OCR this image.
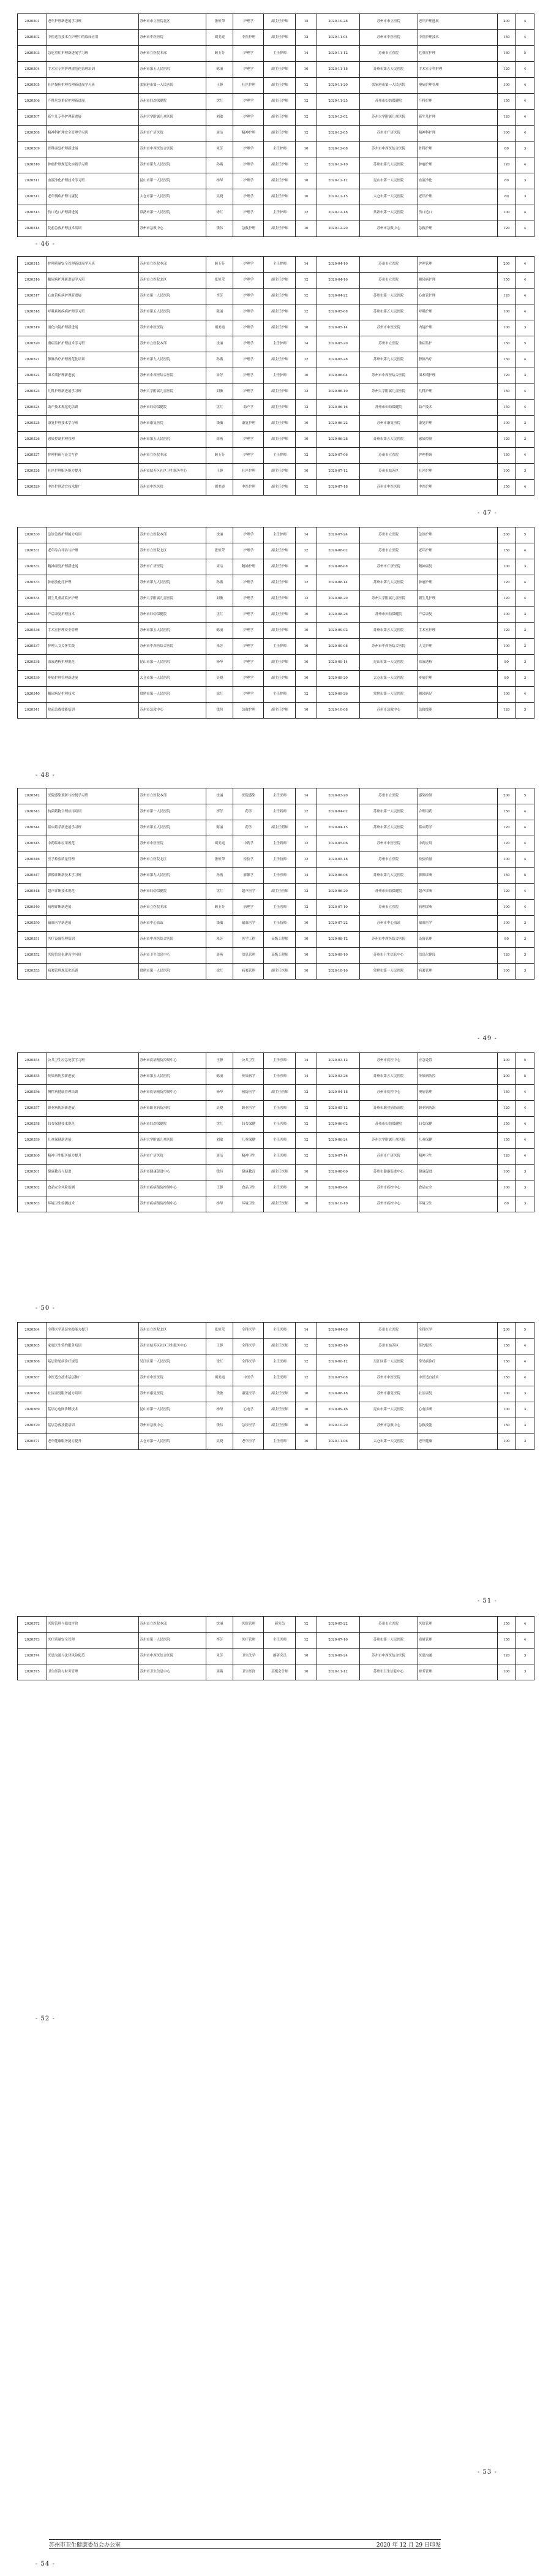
2020501	老年护理新进展学习班	苏州市市立医院北区	张恒荣	护理学	副主任护师	15	2020-10-28	苏州市市立医院	老年护理进展	200	4
2020502	中医适宜技术在护理中的临床应用	苏州市中医医院	胡美霞	中医护理	副主任护师	12	2020-11-04	苏州市中医医院	中医护理技术	150	4
2020503	急危重症护理新进展学习班	苏州市立医院本部	顾玉芬	护理学	主任护师	14	2020-11-12	苏州市立医院	危重症护理	180	5
2020504	手术室专科护理规范化管理培训	苏州市第五人民医院	陈丽	护理学	副主任护师	10	2020-11-18	苏州市第五人民医院	手术室专科护理	120	4
2020505	社区慢病护理管理新进展学习班	张家港市第一人民医院	王静	社区护理	副主任护师	12	2020-11-20	张家港市第一人民医院	慢病护理管理	100	4
2020506	产科危急重症护理新进展	苏州市妇幼保健院	沈红	护理学	副主任护师	12	2020-11-25	苏州市妇幼保健院	产科护理	150	4
2020507	新生儿专科护理新进展	苏州大学附属儿童医院	刘敏	护理学	副主任护师	12	2020-12-02	苏州大学附属儿童医院	新生儿护理	120	4
2020508	精神科护理安全管理学习班	苏州市广济医院	周洁	精神护理	副主任护师	12	2020-12-05	苏州市广济医院	精神科护理	100	4
2020509	骨科康复护理新进展	苏州市中西医结合医院	朱芳	护理学	主任护师	10	2020-12-08	苏州市中西医结合医院	骨科护理	80	3
2020510	肿瘤护理规范化实践学习班	苏州市第九人民医院	孙燕	护理学	副主任护师	12	2020-12-10	苏州市第九人民医院	肿瘤护理	120	4
2020511	血液净化护理技术学习班	昆山市第一人民医院	杨华	护理学	副主任护师	10	2020-12-12	昆山市第一人民医院	血液净化	80	3
2020512	老年慢病护理与康复	太仓市第一人民医院	吴晓	护理学	副主任护师	10	2020-12-15	太仓市第一人民医院	老年护理	80	3
2020513	伤口造口护理新进展	常熟市第一人民医院	徐红	护理学	主任护师	12	2020-12-18	常熟市第一人民医院	伤口造口	100	4
2020514	院前急救护理技术培训	苏州市急救中心	钱伟	急救护理	副主任护师	10	2020-12-20	苏州市急救中心	急救护理	120	4
- 46 -
2020515	护理质量安全管理新进展学习班	苏州市立医院本部	顾玉芬	护理学	主任护师	14	2020-04-10	苏州市立医院	护理管理	200	4
2020516	糖尿病护理新进展学习班	苏州市立医院北区	张恒荣	护理学	副主任护师	12	2020-04-16	苏州市立医院	糖尿病护理	150	4
2020517	心血管疾病护理新进展	苏州市第一人民医院	李芳	护理学	副主任护师	12	2020-04-22	苏州市第一人民医院	心血管护理	120	4
2020518	呼吸系统疾病护理学习班	苏州市第五人民医院	陈丽	护理学	副主任护师	12	2020-05-08	苏州市第五人民医院	呼吸护理	100	4
2020519	消化内镜护理新进展	苏州市中医医院	胡美霞	护理学	副主任护师	10	2020-05-14	苏州市中医医院	内镜护理	100	3
2020520	重症监护护理技术学习班	苏州市立医院本部	沈丽	护理学	主任护师	14	2020-05-20	苏州市立医院	重症监护	150	5
2020521	静脉治疗护理规范化培训	苏州市第九人民医院	孙燕	护理学	副主任护师	12	2020-05-28	苏州市第九人民医院	静脉治疗	150	4
2020522	围术期护理新进展	苏州市中西医结合医院	朱芳	护理学	主任护师	10	2020-06-04	苏州市中西医结合医院	围术期护理	120	3
2020523	儿科护理新进展学习班	苏州大学附属儿童医院	刘敏	护理学	副主任护师	12	2020-06-10	苏州大学附属儿童医院	儿科护理	150	4
2020524	助产技术规范化培训	苏州市妇幼保健院	沈红	助产学	副主任护师	12	2020-06-16	苏州市妇幼保健院	助产技术	150	4
2020525	康复护理技术学习班	苏州市康复医院	钱敏	康复护理	副主任护师	10	2020-06-22	苏州市康复医院	康复护理	100	3
2020526	感染控制护理管理	苏州市第五人民医院	周燕	护理学	副主任护师	10	2020-06-28	苏州市第五人民医院	感染控制	120	3
2020527	护理科研与论文写作	苏州市立医院本部	顾玉芬	护理学	主任护师	12	2020-07-06	苏州市立医院	护理科研	150	4
2020528	社区护理服务能力提升	苏州市姑苏区社区卫生服务中心	王静	社区护理	副主任护师	10	2020-07-12	苏州市姑苏区	社区护理	100	3
2020529	中医护理适宜技术推广	苏州市中医医院	胡美霞	中医护理	副主任护师	12	2020-07-18	苏州市中医医院	中医护理	150	4
- 47 -
2020530	急诊急救护理能力培训	苏州市立医院本部	沈丽	护理学	主任护师	14	2020-07-24	苏州市立医院	急诊护理	200	5
2020531	老年综合评估与护理	苏州市立医院北区	张恒荣	护理学	副主任护师	12	2020-08-02	苏州市立医院	老年护理	150	4
2020532	精神康复护理新进展	苏州市广济医院	周洁	精神护理	副主任护师	10	2020-08-08	苏州市广济医院	精神康复	100	3
2020533	肿瘤放化疗护理	苏州市第九人民医院	孙燕	护理学	副主任护师	12	2020-08-14	苏州市第九人民医院	肿瘤护理	120	4
2020534	新生儿重症监护护理	苏州大学附属儿童医院	刘敏	护理学	副主任护师	12	2020-08-20	苏州大学附属儿童医院	新生儿护理	120	4
2020535	产后康复护理技术	苏州市妇幼保健院	沈红	护理学	副主任护师	10	2020-08-26	苏州市妇幼保健院	产后康复	100	3
2020536	手术室护理安全管理	苏州市第五人民医院	陈丽	护理学	副主任护师	10	2020-09-02	苏州市第五人民医院	手术室护理	120	3
2020537	护理人文关怀实践	苏州市中西医结合医院	朱芳	护理学	主任护师	10	2020-09-08	苏州市中西医结合医院	人文护理	100	3
2020538	血液透析护理规范	昆山市第一人民医院	杨华	护理学	副主任护师	10	2020-09-14	昆山市第一人民医院	血液透析	80	3
2020539	疼痛护理管理新进展	太仓市第一人民医院	吴晓	护理学	副主任护师	10	2020-09-20	太仓市第一人民医院	疼痛护理	80	3
2020540	糖尿病足护理技术	常熟市第一人民医院	徐红	护理学	主任护师	12	2020-09-26	常熟市第一人民医院	糖尿病足	100	4
2020541	院前急救技能培训	苏州市急救中心	钱伟	急救护理	副主任护师	10	2020-10-08	苏州市急救中心	急救技能	120	3
- 48 -
2020542	医院感染预防与控制学习班	苏州市立医院本部	沈丽	医院感染	主任医师	14	2020-03-20	苏州市立医院	感染控制	200	5
2020543	抗菌药物合理应用培训	苏州市第一人民医院	李芳	药学	主任药师	12	2020-04-02	苏州市第一人民医院	合理用药	150	4
2020544	临床药学新进展学习班	苏州市第五人民医院	陈丽	药学	副主任药师	12	2020-04-15	苏州市第五人民医院	临床药学	120	4
2020545	中药临床应用规范	苏州市中医医院	胡美霞	中药学	主任药师	12	2020-05-06	苏州市中医医院	中药应用	120	4
2020546	医学检验质量管理	苏州市立医院北区	张恒荣	检验学	主任技师	12	2020-05-18	苏州市立医院	检验质量	100	4
2020547	影像诊断新技术学习班	苏州市第九人民医院	孙燕	影像学	主任医师	14	2020-06-06	苏州市第九人民医院	影像诊断	150	5
2020548	超声诊断技术规范	苏州市妇幼保健院	沈红	超声医学	副主任医师	12	2020-06-20	苏州市妇幼保健院	超声诊断	120	4
2020549	病理诊断新进展	苏州市立医院本部	顾玉芬	病理学	主任医师	12	2020-07-10	苏州市立医院	病理诊断	100	4
2020550	输血医学新进展	苏州市中心血站	钱敏	输血医学	主任技师	10	2020-07-22	苏州市中心血站	输血医学	100	3
2020551	医疗设备管理培训	苏州市中西医结合医院	朱芳	医学工程	高级工程师	10	2020-08-12	苏州市中西医结合医院	设备管理	80	3
2020552	医院信息化建设学习班	苏州市卫生信息中心	周燕	信息管理	高级工程师	10	2020-09-10	苏州市卫生信息中心	信息化建设	120	3
2020553	病案管理规范化培训	常熟市第一人民医院	徐红	病案管理	副主任医师	10	2020-10-16	常熟市第一人民医院	病案管理	100	3
- 49 -
2020554	公共卫生应急处置学习班	苏州市疾病预防控制中心	王静	公共卫生	主任医师	14	2020-03-12	苏州市疾控中心	应急处置	200	5
2020555	传染病防控新进展	苏州市第五人民医院	陈丽	传染病学	主任医师	14	2020-03-26	苏州市第五人民医院	传染病防控	200	5
2020556	慢性病健康管理培训	苏州市疾病预防控制中心	杨华	预防医学	副主任医师	12	2020-04-18	苏州市疾控中心	慢病管理	150	4
2020557	职业病防治新进展	苏州市职业病防治院	吴晓	职业医学	主任医师	12	2020-05-12	苏州市职业病防治院	职业病防治	120	4
2020558	妇女保健技术规范	苏州市妇幼保健院	沈红	妇女保健	主任医师	12	2020-06-02	苏州市妇幼保健院	妇女保健	150	4
2020559	儿童保健新进展	苏州大学附属儿童医院	刘敏	儿童保健	主任医师	12	2020-06-24	苏州大学附属儿童医院	儿童保健	150	4
2020560	精神卫生服务能力提升	苏州市广济医院	周洁	精神卫生	主任医师	12	2020-07-14	苏州市广济医院	精神卫生	120	4
2020561	健康教育与促进	苏州市健康促进中心	钱伟	健康教育	副主任医师	10	2020-08-06	苏州市健康促进中心	健康促进	100	3
2020562	食品安全风险监测	苏州市疾病预防控制中心	王静	食品卫生	主任医师	10	2020-09-04	苏州市疾控中心	食品安全	100	3
2020563	环境卫生监测技术	苏州市疾病预防控制中心	杨华	环境卫生	副主任医师	10	2020-10-10	苏州市疾控中心	环境卫生	80	3
- 50 -
2020564	全科医学基层实践能力提升	苏州市立医院北区	张恒荣	全科医学	主任医师	14	2020-04-08	苏州市立医院	全科医学	200	5
2020565	家庭医生签约服务培训	苏州市姑苏区社区卫生服务中心	王静	全科医学	副主任医师	12	2020-05-16	苏州市姑苏区	签约服务	150	4
2020566	基层常见病诊疗规范	吴江区第一人民医院	徐红	全科医学	主任医师	12	2020-06-12	吴江区第一人民医院	常见病诊疗	150	4
2020567	中医适宜技术基层推广	苏州市中医医院	胡美霞	中医学	主任医师	12	2020-07-08	苏州市中医医院	中医适宜技术	150	4
2020568	社区康复服务能力培训	苏州市康复医院	钱敏	康复医学	副主任医师	10	2020-08-18	苏州市康复医院	社区康复	100	3
2020569	基层心电图诊断技术	昆山市第一人民医院	杨华	心电学	副主任医师	10	2020-09-16	昆山市第一人民医院	心电诊断	100	3
2020570	基层急救技能培训	苏州市急救中心	钱伟	急诊医学	副主任医师	10	2020-10-20	苏州市急救中心	急救技能	150	3
2020571	老年健康服务能力提升	太仓市第一人民医院	吴晓	老年医学	主任医师	10	2020-11-06	太仓市第一人民医院	老年健康	100	3
- 51 -
2020572	医院管理与绩效评价	苏州市立医院本部	沈丽	医院管理	研究员	12	2020-05-22	苏州市立医院	医院管理	150	4
2020573	医疗质量安全管理	苏州市第一人民医院	李芳	医疗管理	主任医师	12	2020-07-16	苏州市第一人民医院	质量管理	150	4
2020574	医患沟通与法律风险防范	苏州市中西医结合医院	朱芳	卫生法学	副研究员	10	2020-09-24	苏州市中西医结合医院	医患沟通	120	3
2020575	卫生经济与财务管理	苏州市卫生信息中心	周燕	卫生经济	高级会计师	10	2020-11-12	苏州市卫生信息中心	财务管理	100	3
- 52 -
- 53 -
苏州市卫生健康委员会办公室	2020 年 12 月 29 日印发
- 54 -
